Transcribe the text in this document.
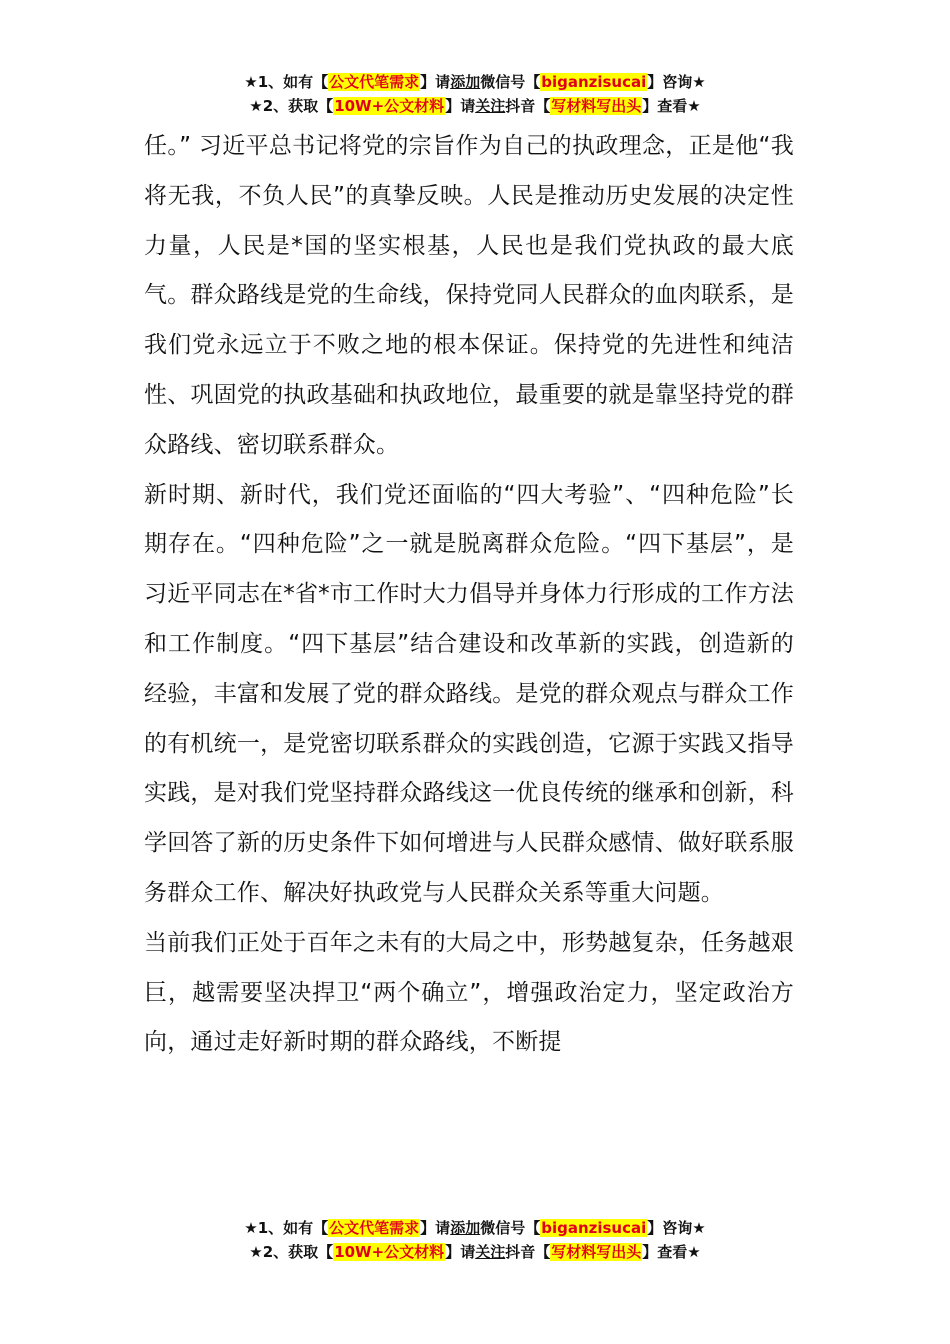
★1、如有【公文代笔需求】请添加微信号【biganzisucai】咨询★
★2、获取【10W+公文材料】请关注抖音【写材料写出头】查看★

任。” 习近平总书记将党的宗旨作为自己的执政理念，正是他“我将无我，不负人民”的真挚反映。人民是推动历史发展的决定性力量，人民是*国的坚实根基，人民也是我们党执政的最大底气。群众路线是党的生命线，保持党同人民群众的血肉联系，是我们党永远立于不败之地的根本保证。保持党的先进性和纯洁性、巩固党的执政基础和执政地位，最重要的就是靠坚持党的群众路线、密切联系群众。

新时期、新时代，我们党还面临的“四大考验”、“四种危险”长期存在。“四种危险”之一就是脱离群众危险。“四下基层”，是习近平同志在*省*市工作时大力倡导并身体力行形成的工作方法和工作制度。“四下基层”结合建设和改革新的实践，创造新的经验，丰富和发展了党的群众路线。是党的群众观点与群众工作的有机统一，是党密切联系群众的实践创造，它源于实践又指导实践，是对我们党坚持群众路线这一优良传统的继承和创新，科学回答了新的历史条件下如何增进与人民群众感情、做好联系服务群众工作、解决好执政党与人民群众关系等重大问题。

当前我们正处于百年之未有的大局之中，形势越复杂，任务越艰巨，越需要坚决捍卫“两个确立”，增强政治定力，坚定政治方向，通过走好新时期的群众路线，不断提

★1、如有【公文代笔需求】请添加微信号【biganzisucai】咨询★
★2、获取【10W+公文材料】请关注抖音【写材料写出头】查看★
